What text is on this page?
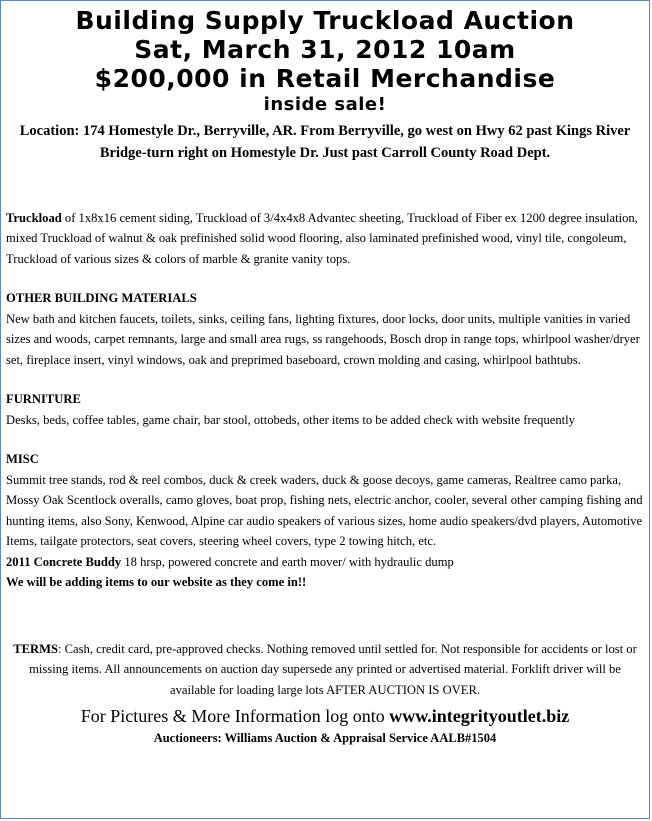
Building Supply Truckload Auction
Sat, March 31, 2012 10am
$200,000 in Retail Merchandise
inside sale!

Location: 174 Homestyle Dr., Berryville, AR. From Berryville, go west on Hwy 62 past Kings River Bridge-turn right on Homestyle Dr. Just past Carroll County Road Dept.

Truckload of 1x8x16 cement siding, Truckload of 3/4x4x8 Advantec sheeting, Truckload of Fiber ex 1200 degree insulation, mixed Truckload of walnut & oak prefinished solid wood flooring, also laminated prefinished wood, vinyl tile, congoleum, Truckload of various sizes & colors of marble & granite vanity tops.

OTHER BUILDING MATERIALS

New bath and kitchen faucets, toilets, sinks, ceiling fans, lighting fixtures, door locks, door units, multiple vanities in varied sizes and woods, carpet remnants, large and small area rugs, ss rangehoods, Bosch drop in range tops, whirlpool washer/dryer set, fireplace insert, vinyl windows, oak and preprimed baseboard, crown molding and casing, whirlpool bathtubs.

FURNITURE

Desks, beds, coffee tables, game chair, bar stool, ottobeds, other items to be added check with website frequently

MISC

Summit tree stands, rod & reel combos, duck & creek waders, duck & goose decoys, game cameras, Realtree camo parka, Mossy Oak Scentlock overalls, camo gloves, boat prop, fishing nets, electric anchor, cooler, several other camping fishing and hunting items, also Sony, Kenwood, Alpine car audio speakers of various sizes, home audio speakers/dvd players, Automotive Items, tailgate protectors, seat covers, steering wheel covers, type 2 towing hitch, etc.

2011 Concrete Buddy 18 hrsp, powered concrete and earth mover/ with hydraulic dump

We will be adding items to our website as they come in!!

TERMS: Cash, credit card, pre-approved checks. Nothing removed until settled for. Not responsible for accidents or lost or missing items. All announcements on auction day supersede any printed or advertised material. Forklift driver will be available for loading large lots AFTER AUCTION IS OVER.

For Pictures & More Information log onto www.integrityoutlet.biz
Auctioneers: Williams Auction & Appraisal Service AALB#1504
